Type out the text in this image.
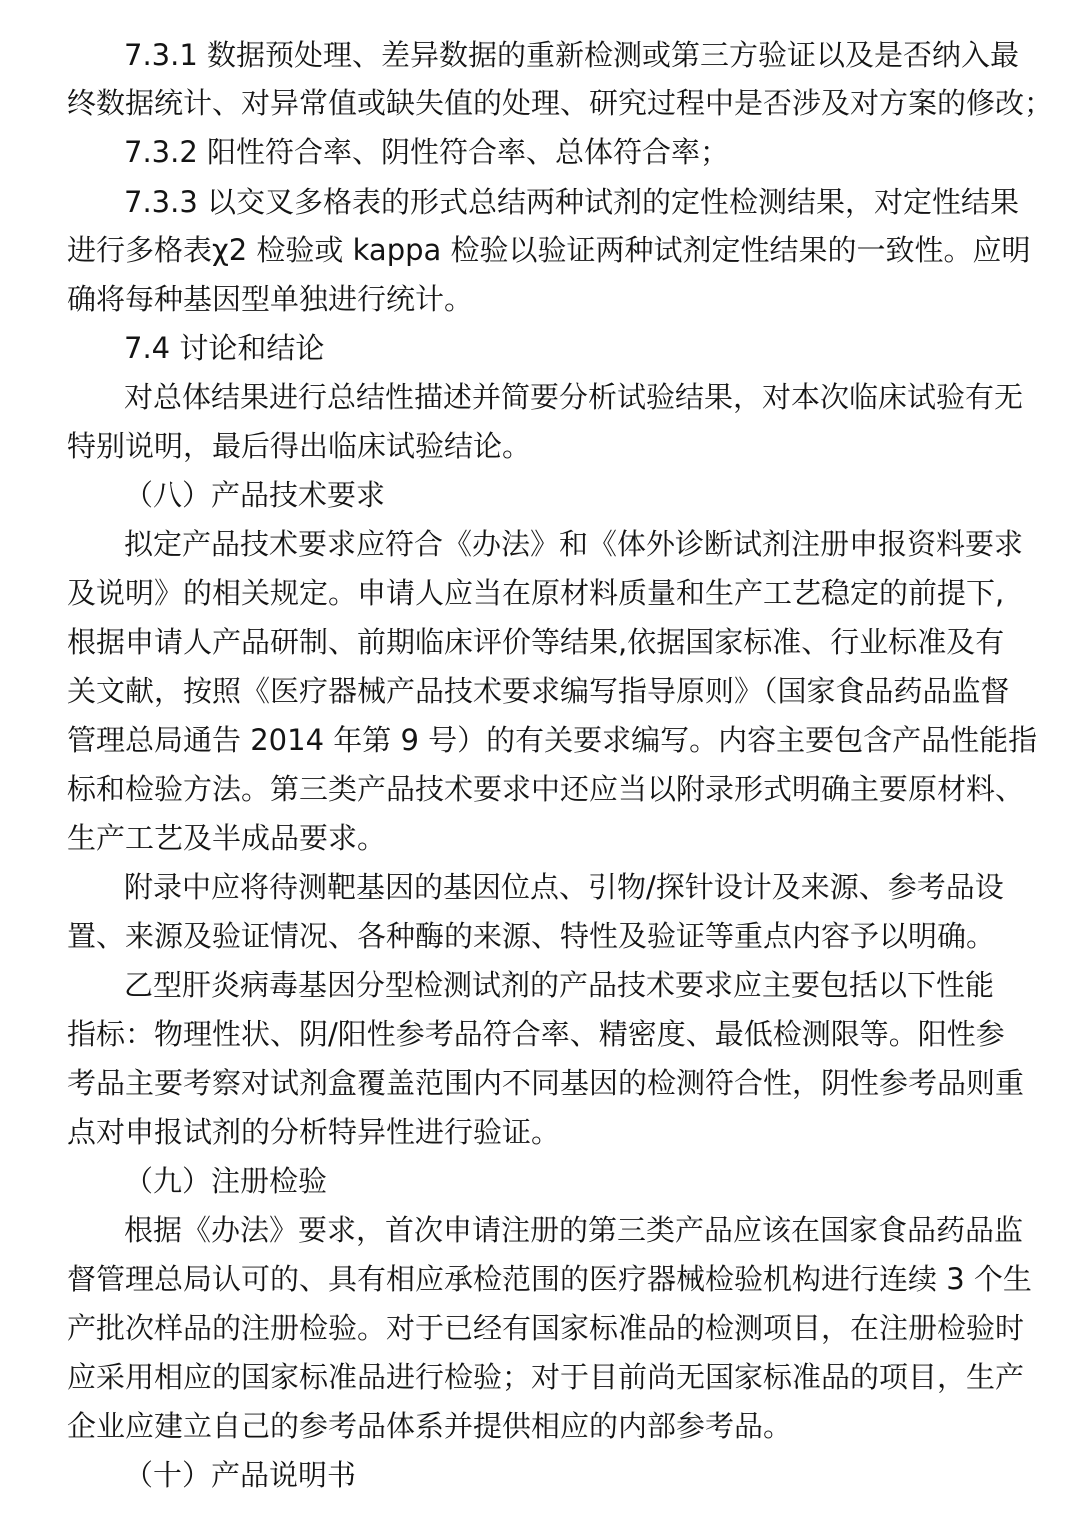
7.3.1 数据预处理、差异数据的重新检测或第三方验证以及是否纳入最
终数据统计、对异常值或缺失值的处理、研究过程中是否涉及对方案的修改；
7.3.2 阳性符合率、阴性符合率、总体符合率；
7.3.3 以交叉多格表的形式总结两种试剂的定性检测结果，对定性结果
进行多格表χ2 检验或 kappa 检验以验证两种试剂定性结果的一致性。应明
确将每种基因型单独进行统计。
7.4 讨论和结论
对总体结果进行总结性描述并简要分析试验结果，对本次临床试验有无
特别说明，最后得出临床试验结论。
（八）产品技术要求
拟定产品技术要求应符合《办法》和《体外诊断试剂注册申报资料要求
及说明》的相关规定。申请人应当在原材料质量和生产工艺稳定的前提下,
根据申请人产品研制、前期临床评价等结果,依据国家标准、行业标准及有
关文献，按照《医疗器械产品技术要求编写指导原则》（国家食品药品监督
管理总局通告 2014 年第 9 号）的有关要求编写。内容主要包含产品性能指
标和检验方法。第三类产品技术要求中还应当以附录形式明确主要原材料、
生产工艺及半成品要求。
附录中应将待测靶基因的基因位点、引物/探针设计及来源、参考品设
置、来源及验证情况、各种酶的来源、特性及验证等重点内容予以明确。
乙型肝炎病毒基因分型检测试剂的产品技术要求应主要包括以下性能
指标：物理性状、阴/阳性参考品符合率、精密度、最低检测限等。阳性参
考品主要考察对试剂盒覆盖范围内不同基因的检测符合性，阴性参考品则重
点对申报试剂的分析特异性进行验证。
（九）注册检验
根据《办法》要求，首次申请注册的第三类产品应该在国家食品药品监
督管理总局认可的、具有相应承检范围的医疗器械检验机构进行连续 3 个生
产批次样品的注册检验。对于已经有国家标准品的检测项目，在注册检验时
应采用相应的国家标准品进行检验；对于目前尚无国家标准品的项目，生产
企业应建立自己的参考品体系并提供相应的内部参考品。
（十）产品说明书
